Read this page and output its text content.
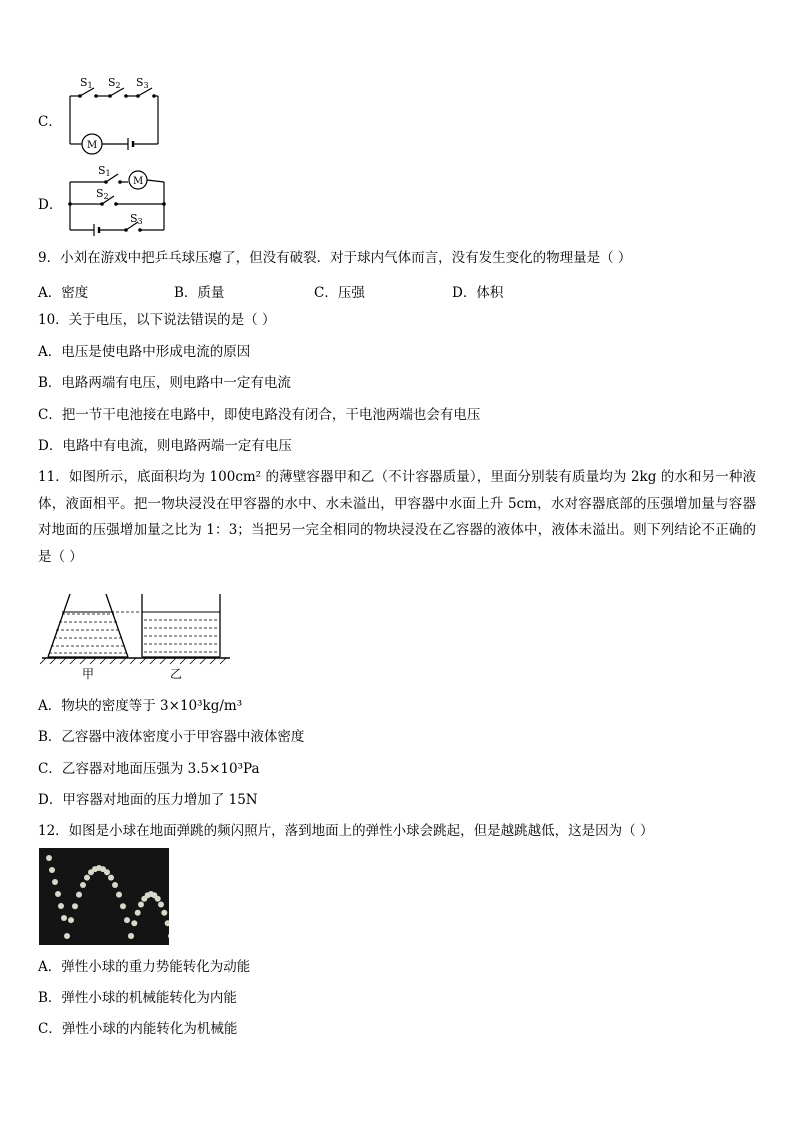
C．
S1 S2 S3
M
D．
S1
S2
S3
M
9．小刘在游戏中把乒乓球压瘪了，但没有破裂．对于球内气体而言，没有发生变化的物理量是（ ）
A．密度	B．质量	C．压强	D．体积
10．关于电压，以下说法错误的是（ ）
A．电压是使电路中形成电流的原因
B．电路两端有电压，则电路中一定有电流
C．把一节干电池接在电路中，即使电路没有闭合，干电池两端也会有电压
D．电路中有电流，则电路两端一定有电压
11．如图所示，底面积均为 100cm² 的薄壁容器甲和乙（不计容器质量），里面分别装有质量均为 2kg 的水和另一种液体，液面相平。把一物块浸没在甲容器的水中、水未溢出，甲容器中水面上升 5cm，水对容器底部的压强增加量与容器对地面的压强增加量之比为 1：3；当把另一完全相同的物块浸没在乙容器的液体中，液体未溢出。则下列结论不正确的是（ ）
甲	乙
A．物块的密度等于 3×10³kg/m³
B．乙容器中液体密度小于甲容器中液体密度
C．乙容器对地面压强为 3.5×10³Pa
D．甲容器对地面的压力增加了 15N
12．如图是小球在地面弹跳的频闪照片，落到地面上的弹性小球会跳起，但是越跳越低，这是因为（ ）
A．弹性小球的重力势能转化为动能
B．弹性小球的机械能转化为内能
C．弹性小球的内能转化为机械能
